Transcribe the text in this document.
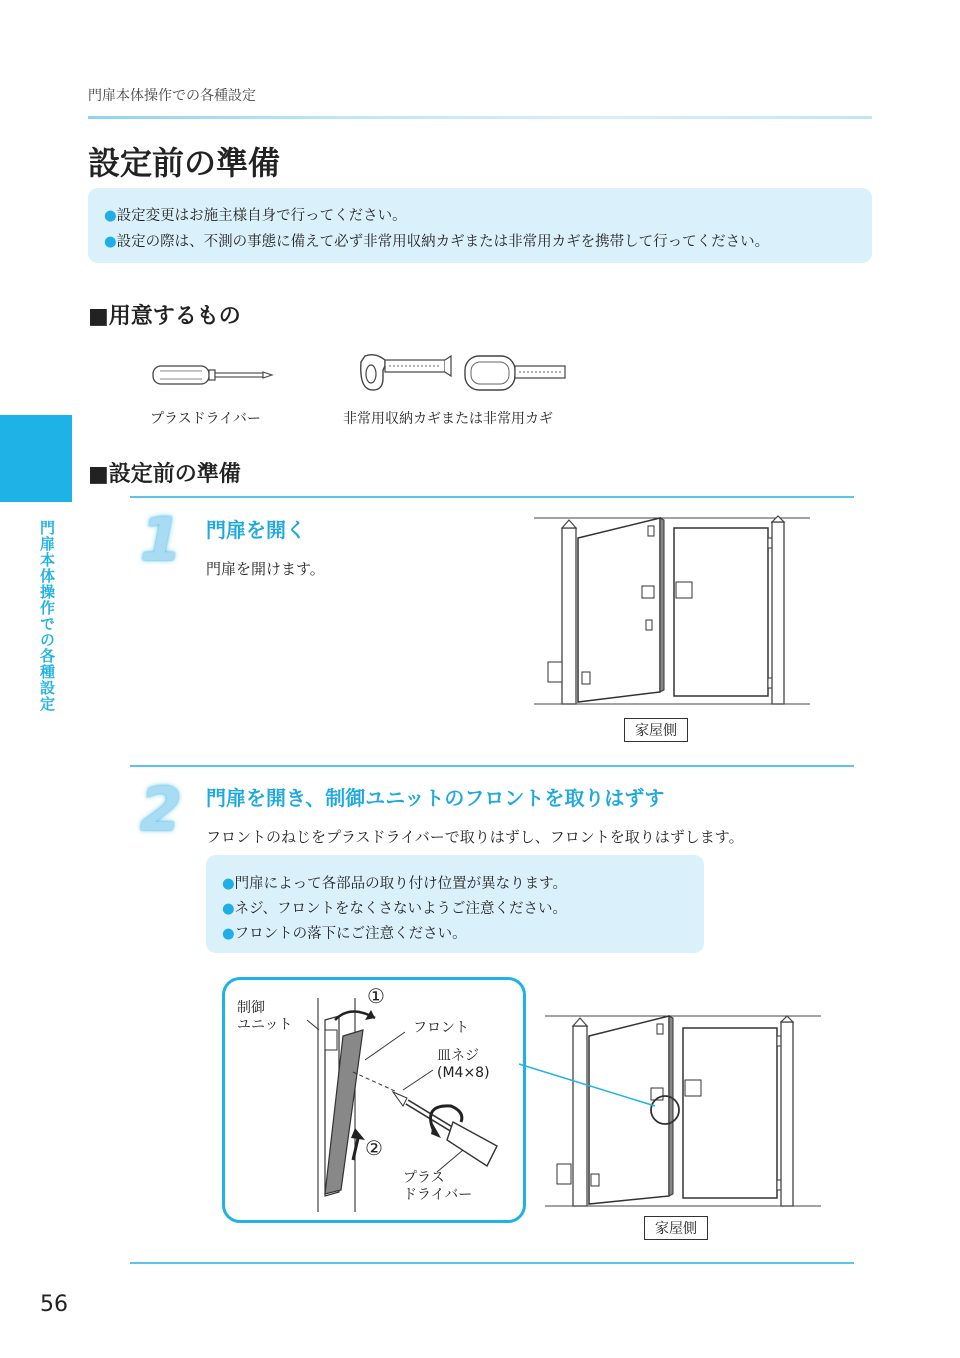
門扉本体操作での各種設定
設定前の準備
●設定変更はお施主様自身で行ってください。
●設定の際は、不測の事態に備えて必ず非常用収納カギまたは非常用カギを携帯して行ってください。
■用意するもの
プラスドライバー	非常用収納カギまたは非常用カギ
門扉本体操作での各種設定
■設定前の準備
1 門扉を開く
門扉を開けます。
家屋側
2 門扉を開き、制御ユニットのフロントを取りはずす
フロントのねじをプラスドライバーで取りはずし、フロントを取りはずします。
●門扉によって各部品の取り付け位置が異なります。
●ネジ、フロントをなくさないようご注意ください。
●フロントの落下にご注意ください。
制御
ユニット	フロント
皿ネジ
(M4×8)
プラス
ドライバー
①
②
家屋側
56
